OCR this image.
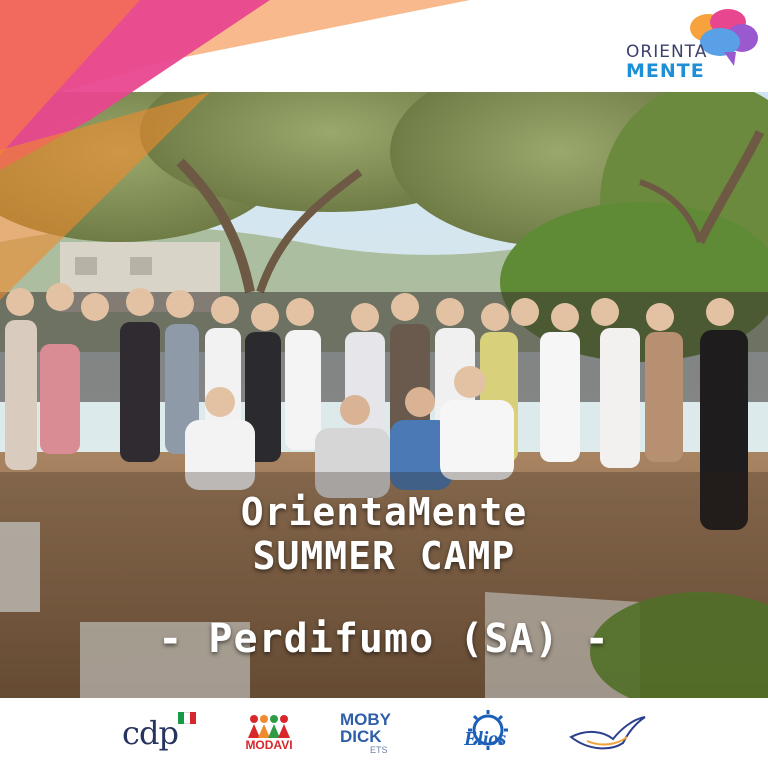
ORIENTA
MENTE
OrientaMente
SUMMER CAMP
- Perdifumo (SA) -
cdp	MODAVI
MOBY
DICK
ETS	Elios
